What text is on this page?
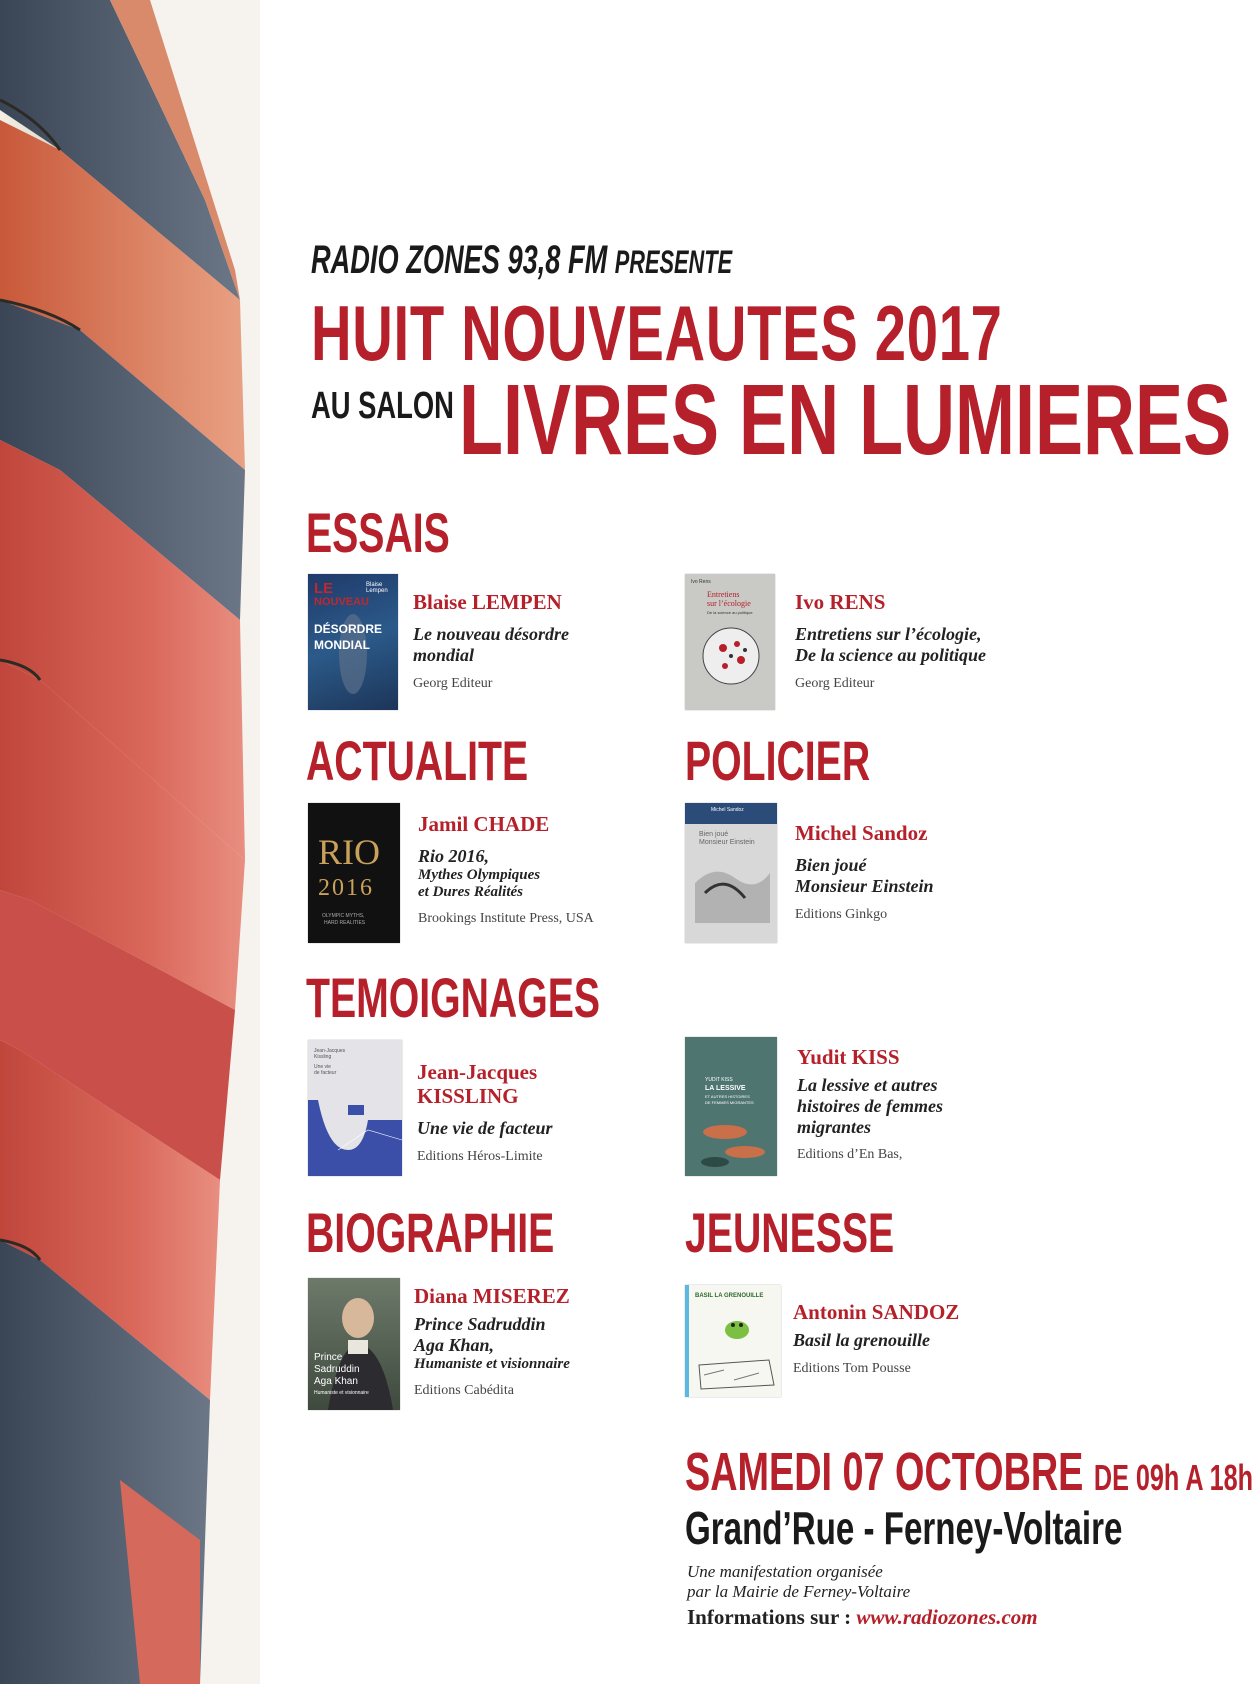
RADIO ZONES 93,8 FM PRESENTE
HUIT NOUVEAUTES 2017
AU SALON LIVRES EN LUMIERES
ESSAIS
ACTUALITE	POLICIER
TEMOIGNAGES
BIOGRAPHIE JEUNESSE
LE
NOUVEAU
DÉSORDRE
MONDIAL
Blaise Lempen	Blaise LEMPEN
Le nouveau désordre
mondial
Georg Editeur
Ivo Rens
Entretiens
sur l’écologie
De la science au politique Ivo RENS
Entretiens sur l’écologie,
De la science au politique
Georg Editeur
RIO
2016
OLYMPIC MYTHS,
HARD REALITIES
Jamil CHADE
Rio 2016,
Mythes Olympiques
et Dures Réalités
Brookings Institute Press, USA
Michel Sandoz
Bien joué
Monsieur Einstein Michel Sandoz
Bien joué
Monsieur Einstein
Editions Ginkgo
Jean-Jacques
Kissling
Une vie
de facteur	Jean-Jacques
KISSLING
Une vie de facteur
Editions Héros-Limite
YUDIT KISS
LA LESSIVE
ET AUTRES HISTOIRES
DE FEMMES MIGRANTES
Yudit KISS
La lessive et autres
histoires de femmes
migrantes
Editions d’En Bas,
Prince
Sadruddin
Aga Khan
Humaniste et visionnaire
Diana MISEREZ
Prince Sadruddin
Aga Khan,
Humaniste et visionnaire
Editions Cabédita
BASIL LA GRENOUILLE
Antonin SANDOZ
Basil la grenouille
Editions Tom Pousse
SAMEDI 07 OCTOBRE DE 09h A 18h
Grand’Rue - Ferney-Voltaire
Une manifestation organisée
par la Mairie de Ferney-Voltaire
Informations sur : www.radiozones.com
